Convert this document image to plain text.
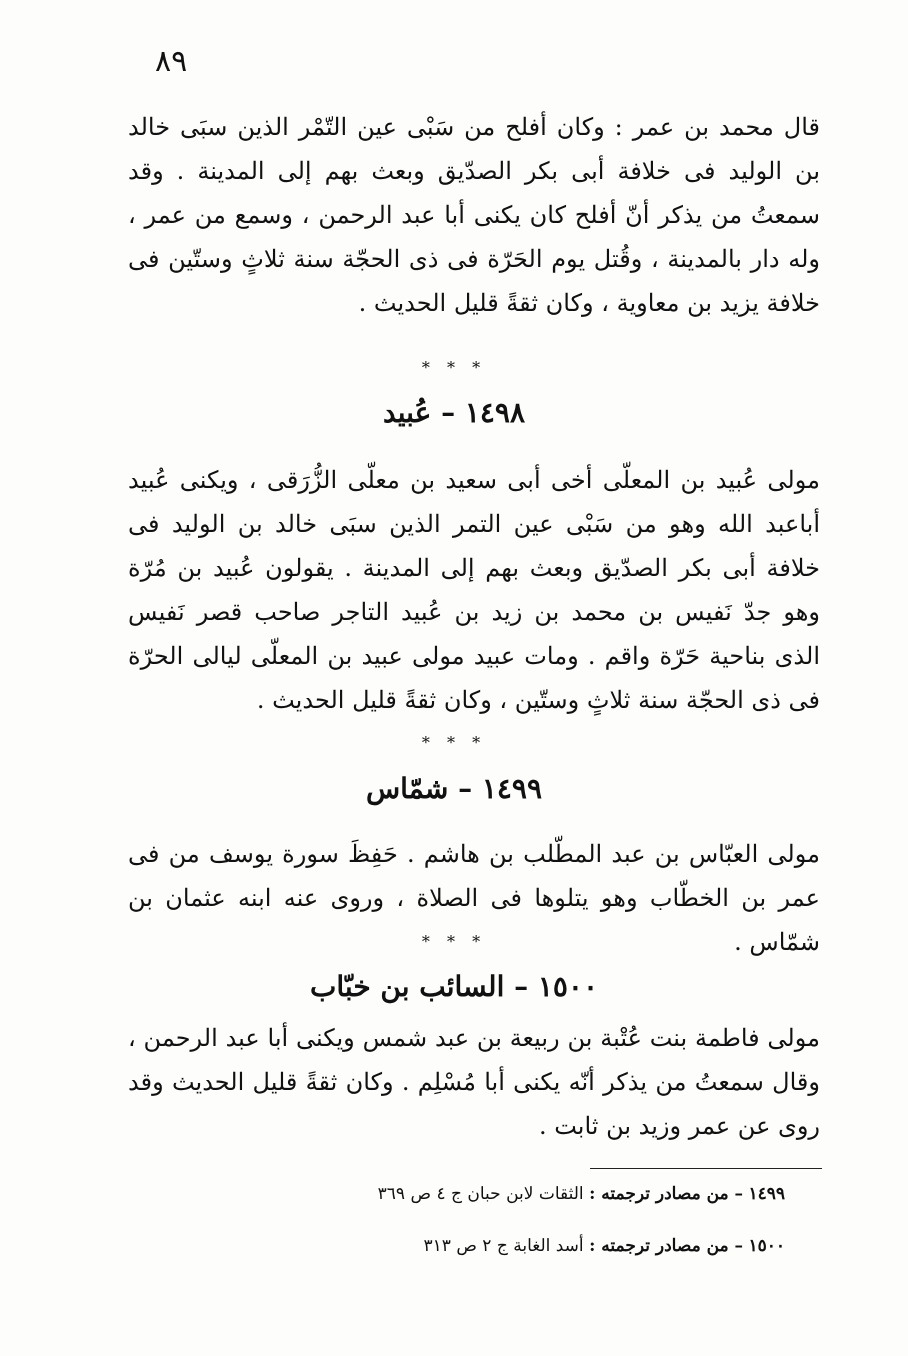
٨٩

قال محمد بن عمر : وكان أفلح من سَبْى عين التّمْر الذين سبَى خالد بن الوليد فى خلافة أبى بكر الصدّيق وبعث بهم إلى المدينة . وقد سمعتُ من يذكر أنّ أفلح كان يكنى أبا عبد الرحمن ، وسمع من عمر ، وله دار بالمدينة ، وقُتل يوم الحَرّة فى ذى الحجّة سنة ثلاثٍ وستّين فى خلافة يزيد بن معاوية ، وكان ثقةً قليل الحديث .

* * *
١٤٩٨ – عُبيد

مولى عُبيد بن المعلّى أخى أبى سعيد بن معلّى الزُّرَقى ، ويكنى عُبيد أباعبد الله وهو من سَبْى عين التمر الذين سبَى خالد بن الوليد فى خلافة أبى بكر الصدّيق وبعث بهم إلى المدينة . يقولون عُبيد بن مُرّة وهو جدّ نَفيس بن محمد بن زيد بن عُبيد التاجر صاحب قصر نَفيس الذى بناحية حَرّة واقم . ومات عبيد مولى عبيد بن المعلّى ليالى الحرّة فى ذى الحجّة سنة ثلاثٍ وستّين ، وكان ثقةً قليل الحديث .

* * *
١٤٩٩ – شمّاس

مولى العبّاس بن عبد المطّلب بن هاشم . حَفِظَ سورة يوسف من فى عمر بن الخطّاب وهو يتلوها فى الصلاة ، وروى عنه ابنه عثمان بن شمّاس .

* * *
١٥٠٠ – السائب بن خبّاب

مولى فاطمة بنت عُتْبة بن ربيعة بن عبد شمس ويكنى أبا عبد الرحمن ، وقال سمعتُ من يذكر أنّه يكنى أبا مُسْلِم . وكان ثقةً قليل الحديث وقد روى عن عمر وزيد بن ثابت .

١٤٩٩ – من مصادر ترجمته : الثقات لابن حبان ج ٤ ص ٣٦٩
١٥٠٠ – من مصادر ترجمته : أسد الغابة ج ٢ ص ٣١٣
